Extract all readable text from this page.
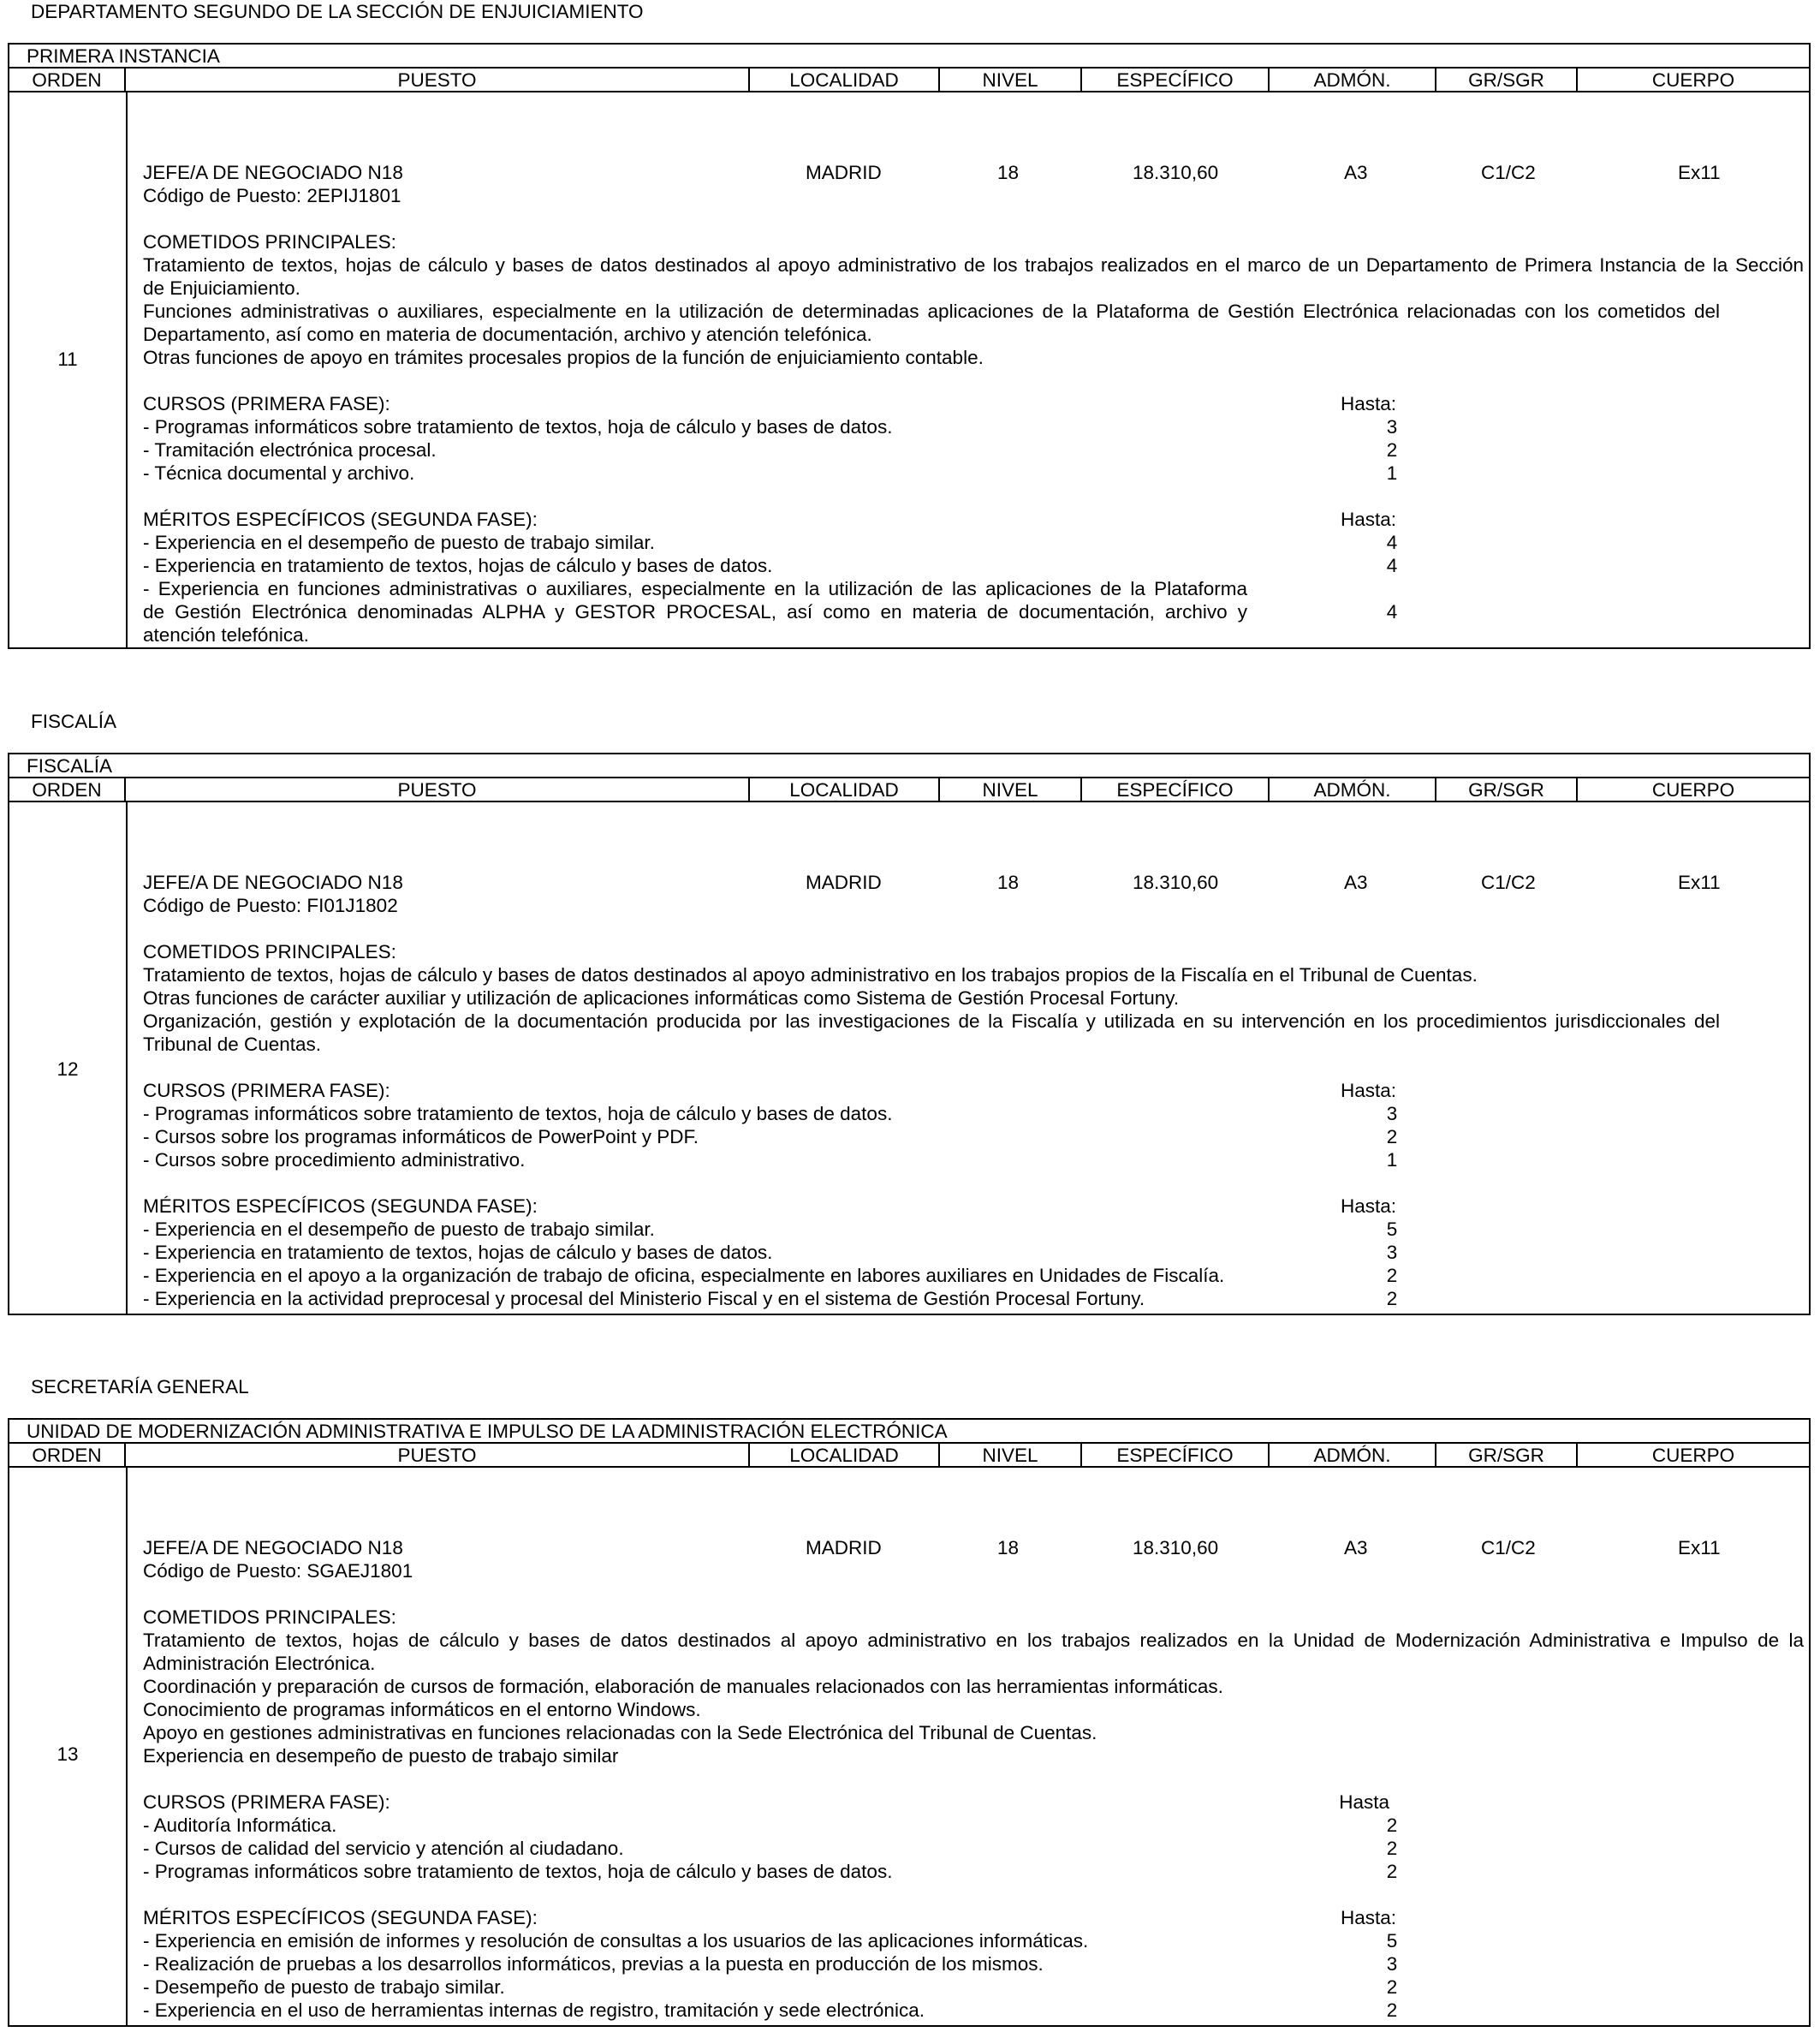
DEPARTAMENTO SEGUNDO DE LA SECCIÓN DE ENJUICIAMIENTO
PRIMERA INSTANCIA
ORDEN	PUESTO	LOCALIDAD	NIVEL	ESPECÍFICO	ADMÓN.	GR/SGR	CUERPO
11
JEFE/A DE NEGOCIADO N18	MADRID	18	18.310,60	A3	C1/C2	Ex11
Código de Puesto: 2EPIJ1801
COMETIDOS PRINCIPALES:
Tratamiento de textos, hojas de cálculo y bases de datos destinados al apoyo administrativo de los trabajos realizados en el marco de un Departamento de Primera Instancia de la Sección
de Enjuiciamiento.
Funciones administrativas o auxiliares, especialmente en la utilización de determinadas aplicaciones de la Plataforma de Gestión Electrónica relacionadas con los cometidos del
Departamento, así como en materia de documentación, archivo y atención telefónica.
Otras funciones de apoyo en trámites procesales propios de la función de enjuiciamiento contable.
CURSOS (PRIMERA FASE):	Hasta:
- Programas informáticos sobre tratamiento de textos, hoja de cálculo y bases de datos.	3
- Tramitación electrónica procesal.	2
- Técnica documental y archivo.	1
MÉRITOS ESPECÍFICOS (SEGUNDA FASE):	Hasta:
- Experiencia en el desempeño de puesto de trabajo similar.	4
- Experiencia en tratamiento de textos, hojas de cálculo y bases de datos.	4
- Experiencia en funciones administrativas o auxiliares, especialmente en la utilización de las aplicaciones de la Plataforma
de Gestión Electrónica denominadas ALPHA y GESTOR PROCESAL, así como en materia de documentación, archivo y	4
atención telefónica.
FISCALÍA
FISCALÍA
ORDEN	PUESTO	LOCALIDAD	NIVEL	ESPECÍFICO	ADMÓN.	GR/SGR	CUERPO
12
JEFE/A DE NEGOCIADO N18	MADRID	18	18.310,60	A3	C1/C2	Ex11
Código de Puesto: FI01J1802
COMETIDOS PRINCIPALES:
Tratamiento de textos, hojas de cálculo y bases de datos destinados al apoyo administrativo en los trabajos propios de la Fiscalía en el Tribunal de Cuentas.
Otras funciones de carácter auxiliar y utilización de aplicaciones informáticas como Sistema de Gestión Procesal Fortuny.
Organización, gestión y explotación de la documentación producida por las investigaciones de la Fiscalía y utilizada en su intervención en los procedimientos jurisdiccionales del
Tribunal de Cuentas.
CURSOS (PRIMERA FASE):	Hasta:
- Programas informáticos sobre tratamiento de textos, hoja de cálculo y bases de datos.	3
- Cursos sobre los programas informáticos de PowerPoint y PDF.	2
- Cursos sobre procedimiento administrativo.	1
MÉRITOS ESPECÍFICOS (SEGUNDA FASE):	Hasta:
- Experiencia en el desempeño de puesto de trabajo similar.	5
- Experiencia en tratamiento de textos, hojas de cálculo y bases de datos.	3
- Experiencia en el apoyo a la organización de trabajo de oficina, especialmente en labores auxiliares en Unidades de Fiscalía.	2
- Experiencia en la actividad preprocesal y procesal del Ministerio Fiscal y en el sistema de Gestión Procesal Fortuny.	2
SECRETARÍA GENERAL
UNIDAD DE MODERNIZACIÓN ADMINISTRATIVA E IMPULSO DE LA ADMINISTRACIÓN ELECTRÓNICA
ORDEN	PUESTO	LOCALIDAD	NIVEL	ESPECÍFICO	ADMÓN.	GR/SGR	CUERPO
13
JEFE/A DE NEGOCIADO N18	MADRID	18	18.310,60	A3	C1/C2	Ex11
Código de Puesto: SGAEJ1801
COMETIDOS PRINCIPALES:
Tratamiento de textos, hojas de cálculo y bases de datos destinados al apoyo administrativo en los trabajos realizados en la Unidad de Modernización Administrativa e Impulso de la
Administración Electrónica.
Coordinación y preparación de cursos de formación, elaboración de manuales relacionados con las herramientas informáticas.
Conocimiento de programas informáticos en el entorno Windows.
Apoyo en gestiones administrativas en funciones relacionadas con la Sede Electrónica del Tribunal de Cuentas.
Experiencia en desempeño de puesto de trabajo similar
CURSOS (PRIMERA FASE):	Hasta
- Auditoría Informática.	2
- Cursos de calidad del servicio y atención al ciudadano.	2
- Programas informáticos sobre tratamiento de textos, hoja de cálculo y bases de datos.	2
MÉRITOS ESPECÍFICOS (SEGUNDA FASE):	Hasta:
- Experiencia en emisión de informes y resolución de consultas a los usuarios de las aplicaciones informáticas.	5
- Realización de pruebas a los desarrollos informáticos, previas a la puesta en producción de los mismos.	3
- Desempeño de puesto de trabajo similar.	2
- Experiencia en el uso de herramientas internas de registro, tramitación y sede electrónica.	2
